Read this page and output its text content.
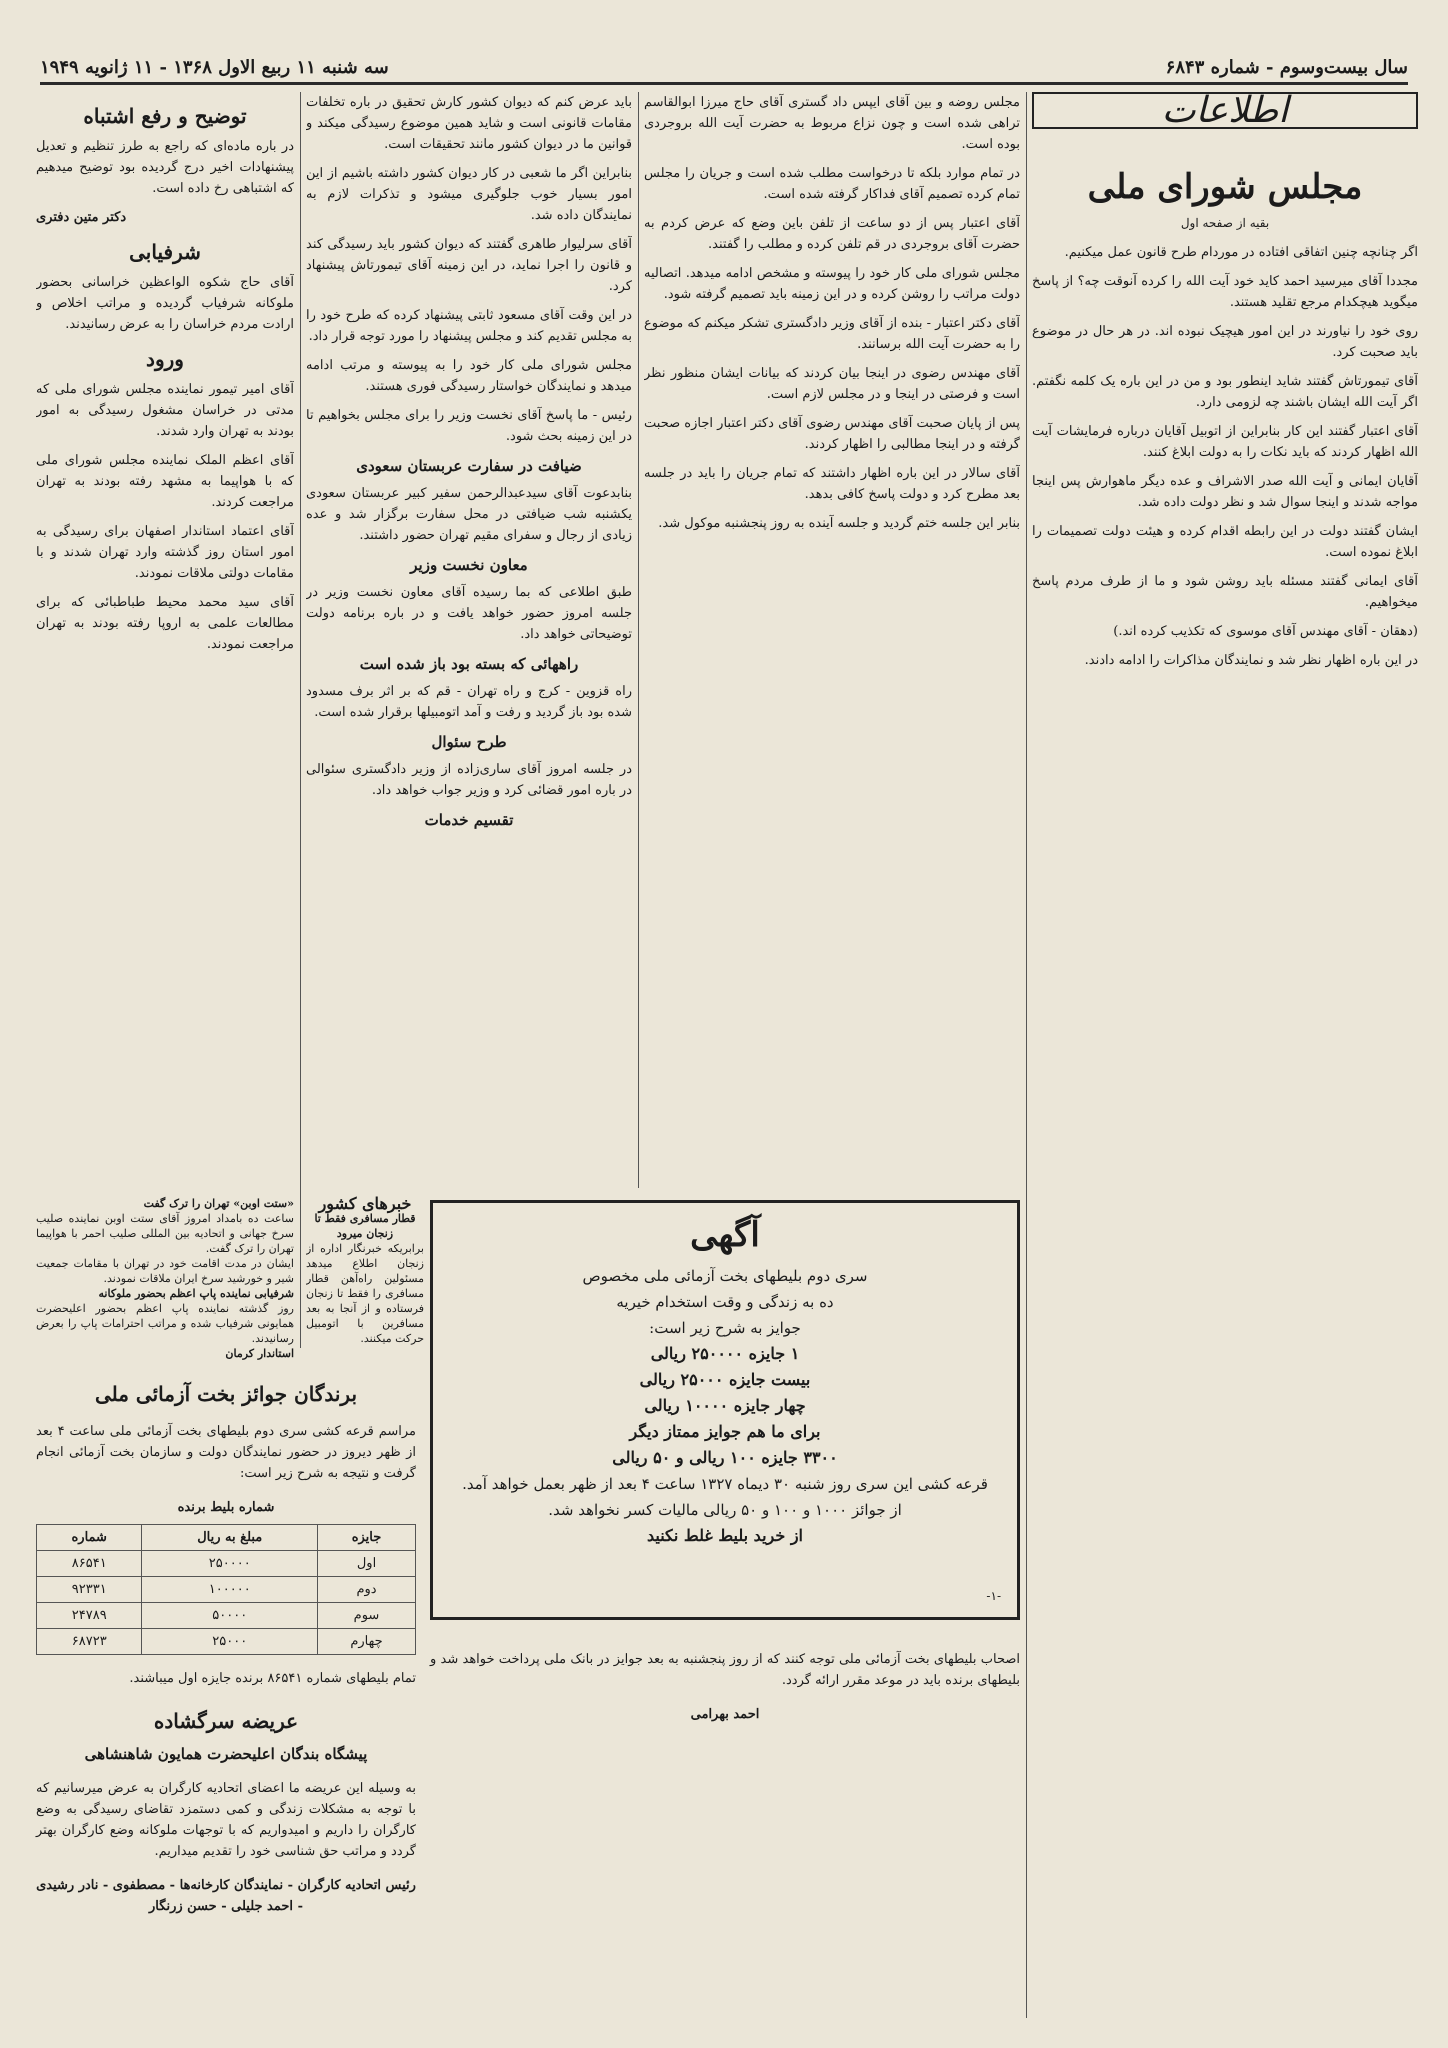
سال بیست‌وسوم - شماره ۶۸۴۳
سه شنبه ۱۱ ربیع الاول ۱۳۶۸ - ۱۱ ژانویه ۱۹۴۹
اطلاعات
مجلس شورای ملی
بقیه از صفحه اول

اگر چنانچه چنین اتفاقی افتاده در موردام طرح قانون عمل میکنیم.

مجددا آقای میرسید احمد کاید خود آیت الله را کرده آنوقت چه؟ از پاسخ میگوید هیچکدام مرجع تقلید هستند.

روی خود را نیاورند در این امور هیچیک نبوده اند. در هر حال در موضوع باید صحبت کرد.

آقای تیمورتاش گفتند شاید اینطور بود و من در این باره یک کلمه نگفتم. اگر آیت الله ایشان باشند چه لزومی دارد.

آقای اعتبار گفتند این کار بنابراین از اتوبیل آقایان درباره فرمایشات آیت الله اظهار کردند که باید نکات را به دولت ابلاغ کنند.

آقایان ایمانی و آیت الله صدر الاشراف و عده دیگر ماهوارش پس اینجا مواجه شدند و اینجا سوال شد و نظر دولت داده شد.

ایشان گفتند دولت در این رابطه اقدام کرده و هیئت دولت تصمیمات را ابلاغ نموده است.

آقای ایمانی گفتند مسئله باید روشن شود و ما از طرف مردم پاسخ میخواهیم.

(دهقان - آقای مهندس آقای موسوی که تکذیب کرده اند.)

در این باره اظهار نظر شد و نمایندگان مذاکرات را ادامه دادند.

مجلس روضه و بین آقای ایپس داد گستری آقای حاج میرزا ابوالقاسم تراهی شده است و چون نزاع مربوط به حضرت آیت الله بروجردی بوده است.

در تمام موارد بلکه تا درخواست مطلب شده است و جریان را مجلس تمام کرده تصمیم آقای فداکار گرفته شده است.

آقای اعتبار پس از دو ساعت از تلفن باین وضع که عرض کردم به حضرت آقای بروجردی در قم تلفن کرده و مطلب را گفتند.

مجلس شورای ملی کار خود را پیوسته و مشخص ادامه میدهد. اتصالیه دولت مراتب را روشن کرده و در این زمینه باید تصمیم گرفته شود.

آقای دکتر اعتبار - بنده از آقای وزیر دادگستری تشکر میکنم که موضوع را به حضرت آیت الله برسانند.

آقای مهندس رضوی در اینجا بیان کردند که بیانات ایشان منظور نظر است و فرصتی در اینجا و در مجلس لازم است.

پس از پایان صحبت آقای مهندس رضوی آقای دکتر اعتبار اجازه صحبت گرفته و در اینجا مطالبی را اظهار کردند.

آقای سالار در این باره اظهار داشتند که تمام جریان را باید در جلسه بعد مطرح کرد و دولت پاسخ کافی بدهد.

بنابر این جلسه ختم گردید و جلسه آینده به روز پنجشنبه موکول شد.

باید عرض کنم که دیوان کشور کارش تحقیق در باره تخلفات مقامات قانونی است و شاید همین موضوع رسیدگی میکند و قوانین ما در دیوان کشور مانند تحقیقات است.

بنابراین اگر ما شعبی در کار دیوان کشور داشته باشیم از این امور بسیار خوب جلوگیری میشود و تذکرات لازم به نمایندگان داده شد.

آقای سرلیوار طاهری گفتند که دیوان کشور باید رسیدگی کند و قانون را اجرا نماید، در این زمینه آقای تیمورتاش پیشنهاد کرد.

در این وقت آقای مسعود ثابتی پیشنهاد کرده که طرح خود را به مجلس تقدیم کند و مجلس پیشنهاد را مورد توجه قرار داد.

مجلس شورای ملی کار خود را به پیوسته و مرتب ادامه میدهد و نمایندگان خواستار رسیدگی فوری هستند.

رئیس - ما پاسخ آقای نخست وزیر را برای مجلس بخواهیم تا در این زمینه بحث شود.

ضیافت در سفارت عربستان سعودی

بنابدعوت آقای سیدعبدالرحمن سفیر کبیر عربستان سعودی یکشنبه شب ضیافتی در محل سفارت برگزار شد و عده زیادی از رجال و سفرای مقیم تهران حضور داشتند.

معاون نخست وزیر

طبق اطلاعی که بما رسیده آقای معاون نخست وزیر در جلسه امروز حضور خواهد یافت و در باره برنامه دولت توضیحاتی خواهد داد.

راههائی که بسته بود باز شده است

راه قزوین - کرج و راه تهران - قم که بر اثر برف مسدود شده بود باز گردید و رفت و آمد اتومبیلها برقرار شده است.

طرح سئوال

در جلسه امروز آقای ساری‌زاده از وزیر دادگستری سئوالی در باره امور قضائی کرد و وزیر جواب خواهد داد.

تقسیم خدمات
توضیح و رفع اشتباه

در باره ماده‌ای که راجع به طرز تنظیم و تعدیل پیشنهادات اخیر درج گردیده بود توضیح میدهیم که اشتباهی رخ داده است.

دکتر متین دفتری

شرفیابی

آقای حاج شکوه الواعظین خراسانی بحضور ملوکانه شرفیاب گردیده و مراتب اخلاص و ارادت مردم خراسان را به عرض رسانیدند.

ورود

آقای امیر تیمور نماینده مجلس شورای ملی که مدتی در خراسان مشغول رسیدگی به امور بودند به تهران وارد شدند.

آقای اعظم الملک نماینده مجلس شورای ملی که با هواپیما به مشهد رفته بودند به تهران مراجعت کردند.

آقای اعتماد استاندار اصفهان برای رسیدگی به امور استان روز گذشته وارد تهران شدند و با مقامات دولتی ملاقات نمودند.

آقای سید محمد محیط طباطبائی که برای مطالعات علمی به اروپا رفته بودند به تهران مراجعت نمودند.

برندگان جوائز بخت آزمائی ملی

مراسم قرعه کشی سری دوم بلیطهای بخت آزمائی ملی ساعت ۴ بعد از ظهر دیروز در حضور نمایندگان دولت و سازمان بخت آزمائی انجام گرفت و نتیجه به شرح زیر است:

شماره بلیط برنده
جایزه	مبلغ به ریال	شماره
اول	۲۵۰۰۰۰	۸۶۵۴۱
دوم	۱۰۰۰۰۰	۹۲۳۳۱
سوم	۵۰۰۰۰	۲۴۷۸۹
چهارم	۲۵۰۰۰	۶۸۷۲۳

تمام بلیطهای شماره ۸۶۵۴۱ برنده جایزه اول میباشند.

عریضه سرگشاده
پیشگاه بندگان اعلیحضرت همایون شاهنشاهی

به وسیله این عریضه ما اعضای اتحادیه کارگران به عرض میرسانیم که با توجه به مشکلات زندگی و کمی دستمزد تقاضای رسیدگی به وضع کارگران را داریم و امیدواریم که با توجهات ملوکانه وضع کارگران بهتر گردد و مراتب حق شناسی خود را تقدیم میداریم.

رئیس اتحادیه کارگران - نمایندگان کارخانه‌ها - مصطفوی - نادر رشیدی - احمد جلیلی - حسن زرنگار

آگهی
سری دوم بلیطهای بخت آزمائی ملی مخصوص
ده به زندگی و وقت استخدام خیریه
جوایز به شرح زیر است:
۱ جایزه ۲۵۰۰۰۰ ریالی
بیست جایزه ۲۵۰۰۰ ریالی
چهار جایزه ۱۰۰۰۰ ریالی
برای ما هم جوایز ممتاز دیگر
۳۳۰۰ جایزه ۱۰۰ ریالی و ۵۰ ریالی
قرعه کشی این سری روز شنبه ۳۰ دیماه ۱۳۲۷ ساعت ۴ بعد از ظهر بعمل خواهد آمد.
از جوائز ۱۰۰۰ و ۱۰۰ و ۵۰ ریالی مالیات کسر نخواهد شد.
از خرید بلیط غلط نکنید
-۱-

اصحاب بلیطهای بخت آزمائی ملی توجه کنند که از روز پنجشنبه به بعد جوایز در بانک ملی پرداخت خواهد شد و بلیطهای برنده باید در موعد مقرر ارائه گردد.

احمد بهرامی

خبرهای کشور
قطار مسافری فقط تا زنجان میرود
برابریکه خبرنگار اداره از زنجان اطلاع میدهد مسئولین راه‌آهن قطار مسافری را فقط تا زنجان فرستاده و از آنجا به بعد مسافرین با اتومبیل حرکت میکنند.
«ستت اوبن» تهران را ترک گفت
ساعت ده بامداد امروز آقای ستت اوبن نماینده صلیب سرخ جهانی و اتحادیه بین المللی صلیب احمر با هواپیما تهران را ترک گفت.
ایشان در مدت اقامت خود در تهران با مقامات جمعیت شیر و خورشید سرخ ایران ملاقات نمودند.
شرفیابی نماینده پاپ اعظم بحضور ملوکانه
روز گذشته نماینده پاپ اعظم بحضور اعلیحضرت همایونی شرفیاب شده و مراتب احترامات پاپ را بعرض رسانیدند.
استاندار کرمان
